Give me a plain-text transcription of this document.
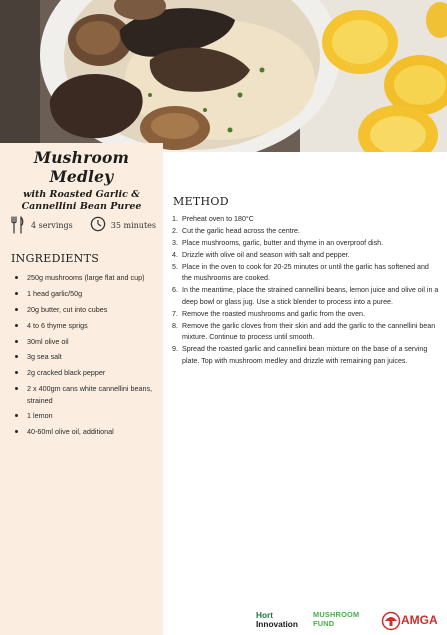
Mushroom Medley
with Roasted Garlic &
Cannellini Bean Puree
4 servings	35 minutes
INGREDIENTS
250g mushrooms (large flat and cup)
1 head garlic/50g
20g butter, cut into cubes
4 to 6 thyme sprigs
30ml olive oil
3g sea salt
2g cracked black pepper
2 x 400gm cans white cannellini beans, strained
1 lemon
40-60ml olive oil, additional
METHOD
1. Preheat oven to 180°C
2. Cut the garlic head across the centre.
3. Place mushrooms, garlic, butter and thyme in an overproof dish.
4. Drizzle with olive oil and season with salt and pepper.
5. Place in the oven to cook for 20-25 minutes or until the garlic has softened and the mushrooms are cooked.
6. In the meantime, place the strained cannellini beans, lemon juice and olive oil in a deep bowl or glass jug. Use a stick blender to process into a puree.
7. Remove the roasted mushrooms and garlic from the oven.
8. Remove the garlic cloves from their skin and add the garlic to the cannellini bean mixture. Continue to process until smooth.
9. Spread the roasted garlic and cannellini bean mixture on the base of a serving plate. Top with mushroom medley and drizzle with remaining pan juices.
Hort
Innovation
MUSHROOM
FUND	AMGA
